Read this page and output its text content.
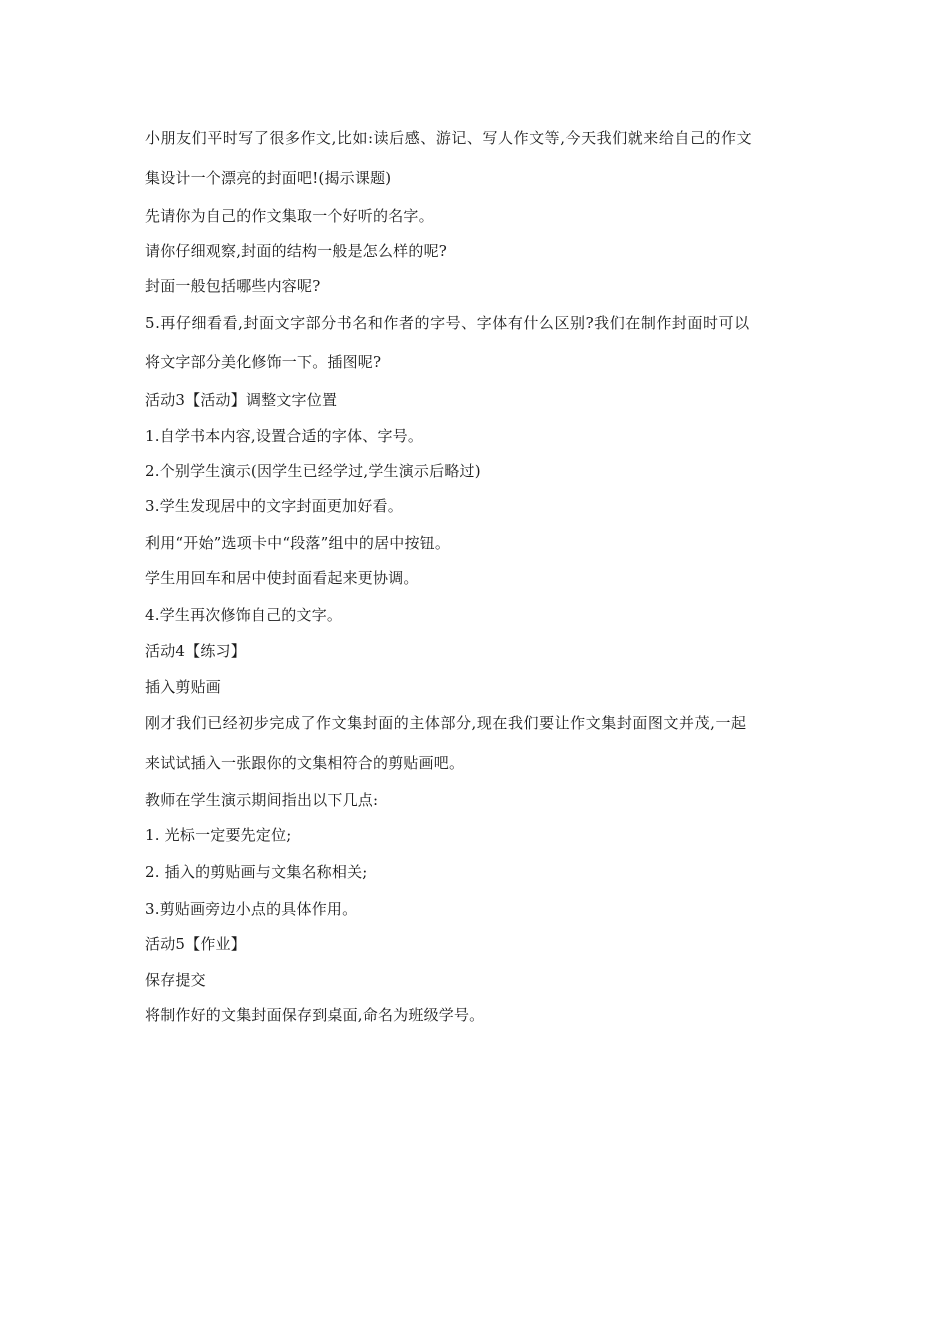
小朋友们平时写了很多作文,比如:读后感、游记、写人作文等,今天我们就来给自己的作文
集设计一个漂亮的封面吧!(揭示课题)
先请你为自己的作文集取一个好听的名字。
请你仔细观察,封面的结构一般是怎么样的呢?
封面一般包括哪些内容呢?
5.再仔细看看,封面文字部分书名和作者的字号、字体有什么区别?我们在制作封面时可以
将文字部分美化修饰一下。插图呢?
活动3【活动】调整文字位置
1.自学书本内容,设置合适的字体、字号。
2.个别学生演示(因学生已经学过,学生演示后略过)
3.学生发现居中的文字封面更加好看。
利用“开始”选项卡中“段落”组中的居中按钮。
学生用回车和居中使封面看起来更协调。
4.学生再次修饰自己的文字。
活动4【练习】
插入剪贴画
刚才我们已经初步完成了作文集封面的主体部分,现在我们要让作文集封面图文并茂,一起
来试试插入一张跟你的文集相符合的剪贴画吧。
教师在学生演示期间指出以下几点:
1. 光标一定要先定位;
2. 插入的剪贴画与文集名称相关;
3.剪贴画旁边小点的具体作用。
活动5【作业】
保存提交
将制作好的文集封面保存到桌面,命名为班级学号。
